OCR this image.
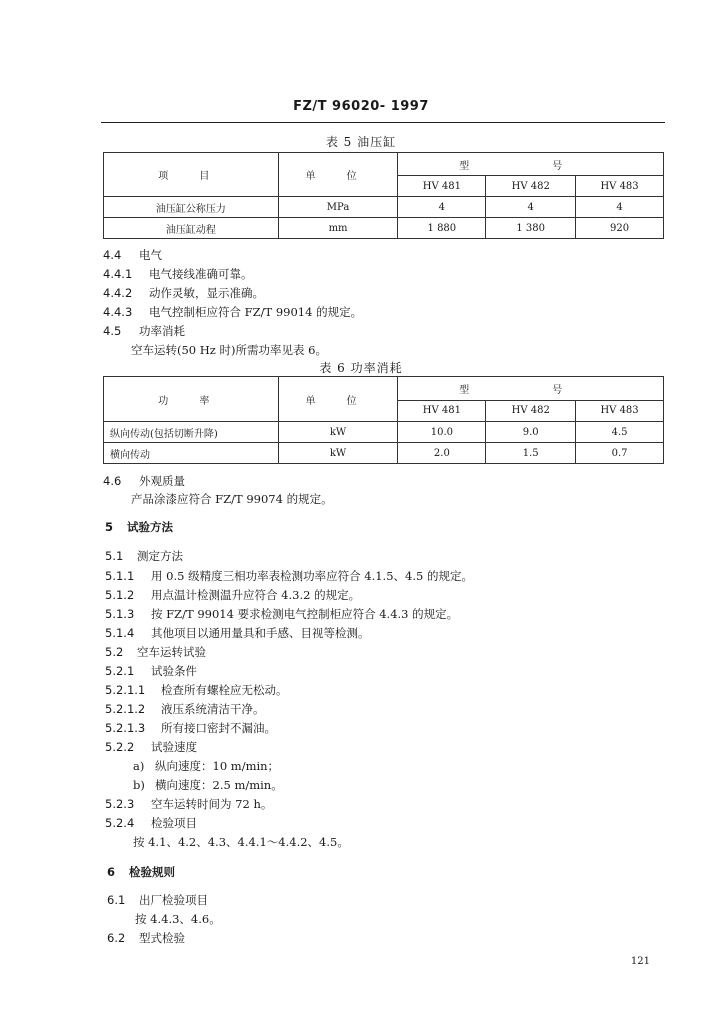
FZ/T 96020- 1997
表 5 油压缸
项 目	单 位	型 号		
		HV 481	HV 482	HV 483
油压缸公称压力	MPa	4	4	4
油压缸动程	mm	1 880	1 380	920
4.4 电气
4.4.1 电气接线准确可靠。
4.4.2 动作灵敏，显示准确。
4.4.3 电气控制柜应符合 FZ/T 99014 的规定。
4.5 功率消耗
空车运转(50 Hz 时)所需功率见表 6。
表 6 功率消耗
功 率	单 位	型 号		
		HV 481	HV 482	HV 483
纵向传动(包括切断升降)	kW	10.0	9.0	4.5
横向传动	kW	2.0	1.5	0.7
4.6 外观质量
产品涂漆应符合 FZ/T 99074 的规定。
5 试验方法
5.1 测定方法
5.1.1 用 0.5 级精度三相功率表检测功率应符合 4.1.5、4.5 的规定。
5.1.2 用点温计检测温升应符合 4.3.2 的规定。
5.1.3 按 FZ/T 99014 要求检测电气控制柜应符合 4.4.3 的规定。
5.1.4 其他项目以通用量具和手感、目视等检测。
5.2 空车运转试验
5.2.1 试验条件
5.2.1.1 检查所有螺栓应无松动。
5.2.1.2 液压系统清洁干净。
5.2.1.3 所有接口密封不漏油。
5.2.2 试验速度
a) 纵向速度：10 m/min；
b) 横向速度：2.5 m/min。
5.2.3 空车运转时间为 72 h。
5.2.4 检验项目
按 4.1、4.2、4.3、4.4.1～4.4.2、4.5。
6 检验规则
6.1 出厂检验项目
按 4.4.3、4.6。
6.2 型式检验
121
